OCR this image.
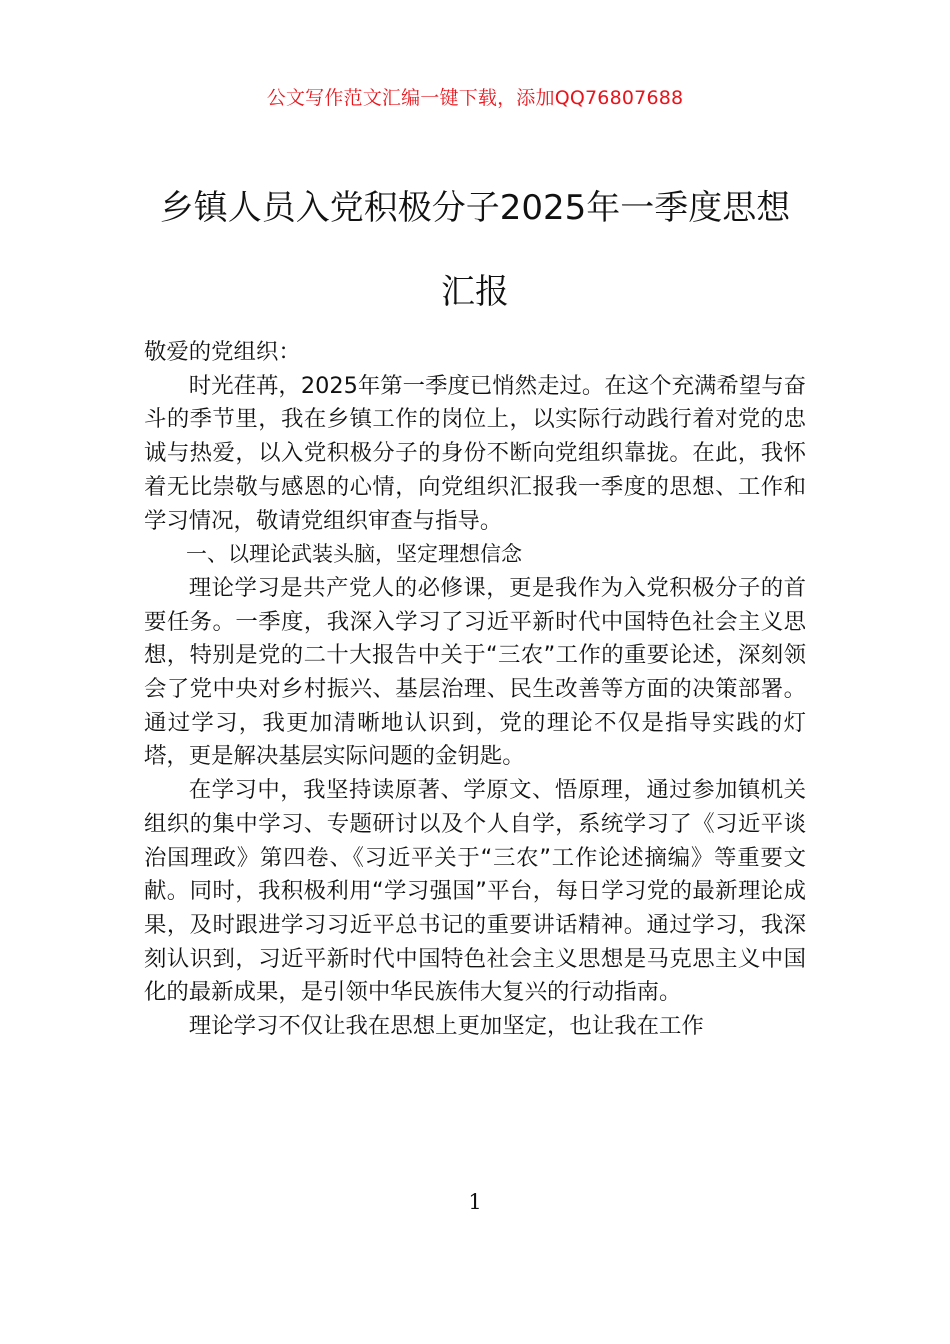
公文写作范文汇编一键下载，添加QQ76807688
乡镇人员入党积极分子2025年一季度思想
汇报

敬爱的党组织：

时光荏苒，2025年第一季度已悄然走过。在这个充满希望与奋斗的季节里，我在乡镇工作的岗位上，以实际行动践行着对党的忠诚与热爱，以入党积极分子的身份不断向党组织靠拢。在此，我怀着无比崇敬与感恩的心情，向党组织汇报我一季度的思想、工作和学习情况，敬请党组织审查与指导。

一、以理论武装头脑，坚定理想信念

理论学习是共产党人的必修课，更是我作为入党积极分子的首要任务。一季度，我深入学习了习近平新时代中国特色社会主义思想，特别是党的二十大报告中关于“三农”工作的重要论述，深刻领会了党中央对乡村振兴、基层治理、民生改善等方面的决策部署。通过学习，我更加清晰地认识到，党的理论不仅是指导实践的灯塔，更是解决基层实际问题的金钥匙。

在学习中，我坚持读原著、学原文、悟原理，通过参加镇机关组织的集中学习、专题研讨以及个人自学，系统学习了《习近平谈治国理政》第四卷、《习近平关于“三农”工作论述摘编》等重要文献。同时，我积极利用“学习强国”平台，每日学习党的最新理论成果，及时跟进学习习近平总书记的重要讲话精神。通过学习，我深刻认识到，习近平新时代中国特色社会主义思想是马克思主义中国化的最新成果，是引领中华民族伟大复兴的行动指南。

理论学习不仅让我在思想上更加坚定，也让我在工作

1
